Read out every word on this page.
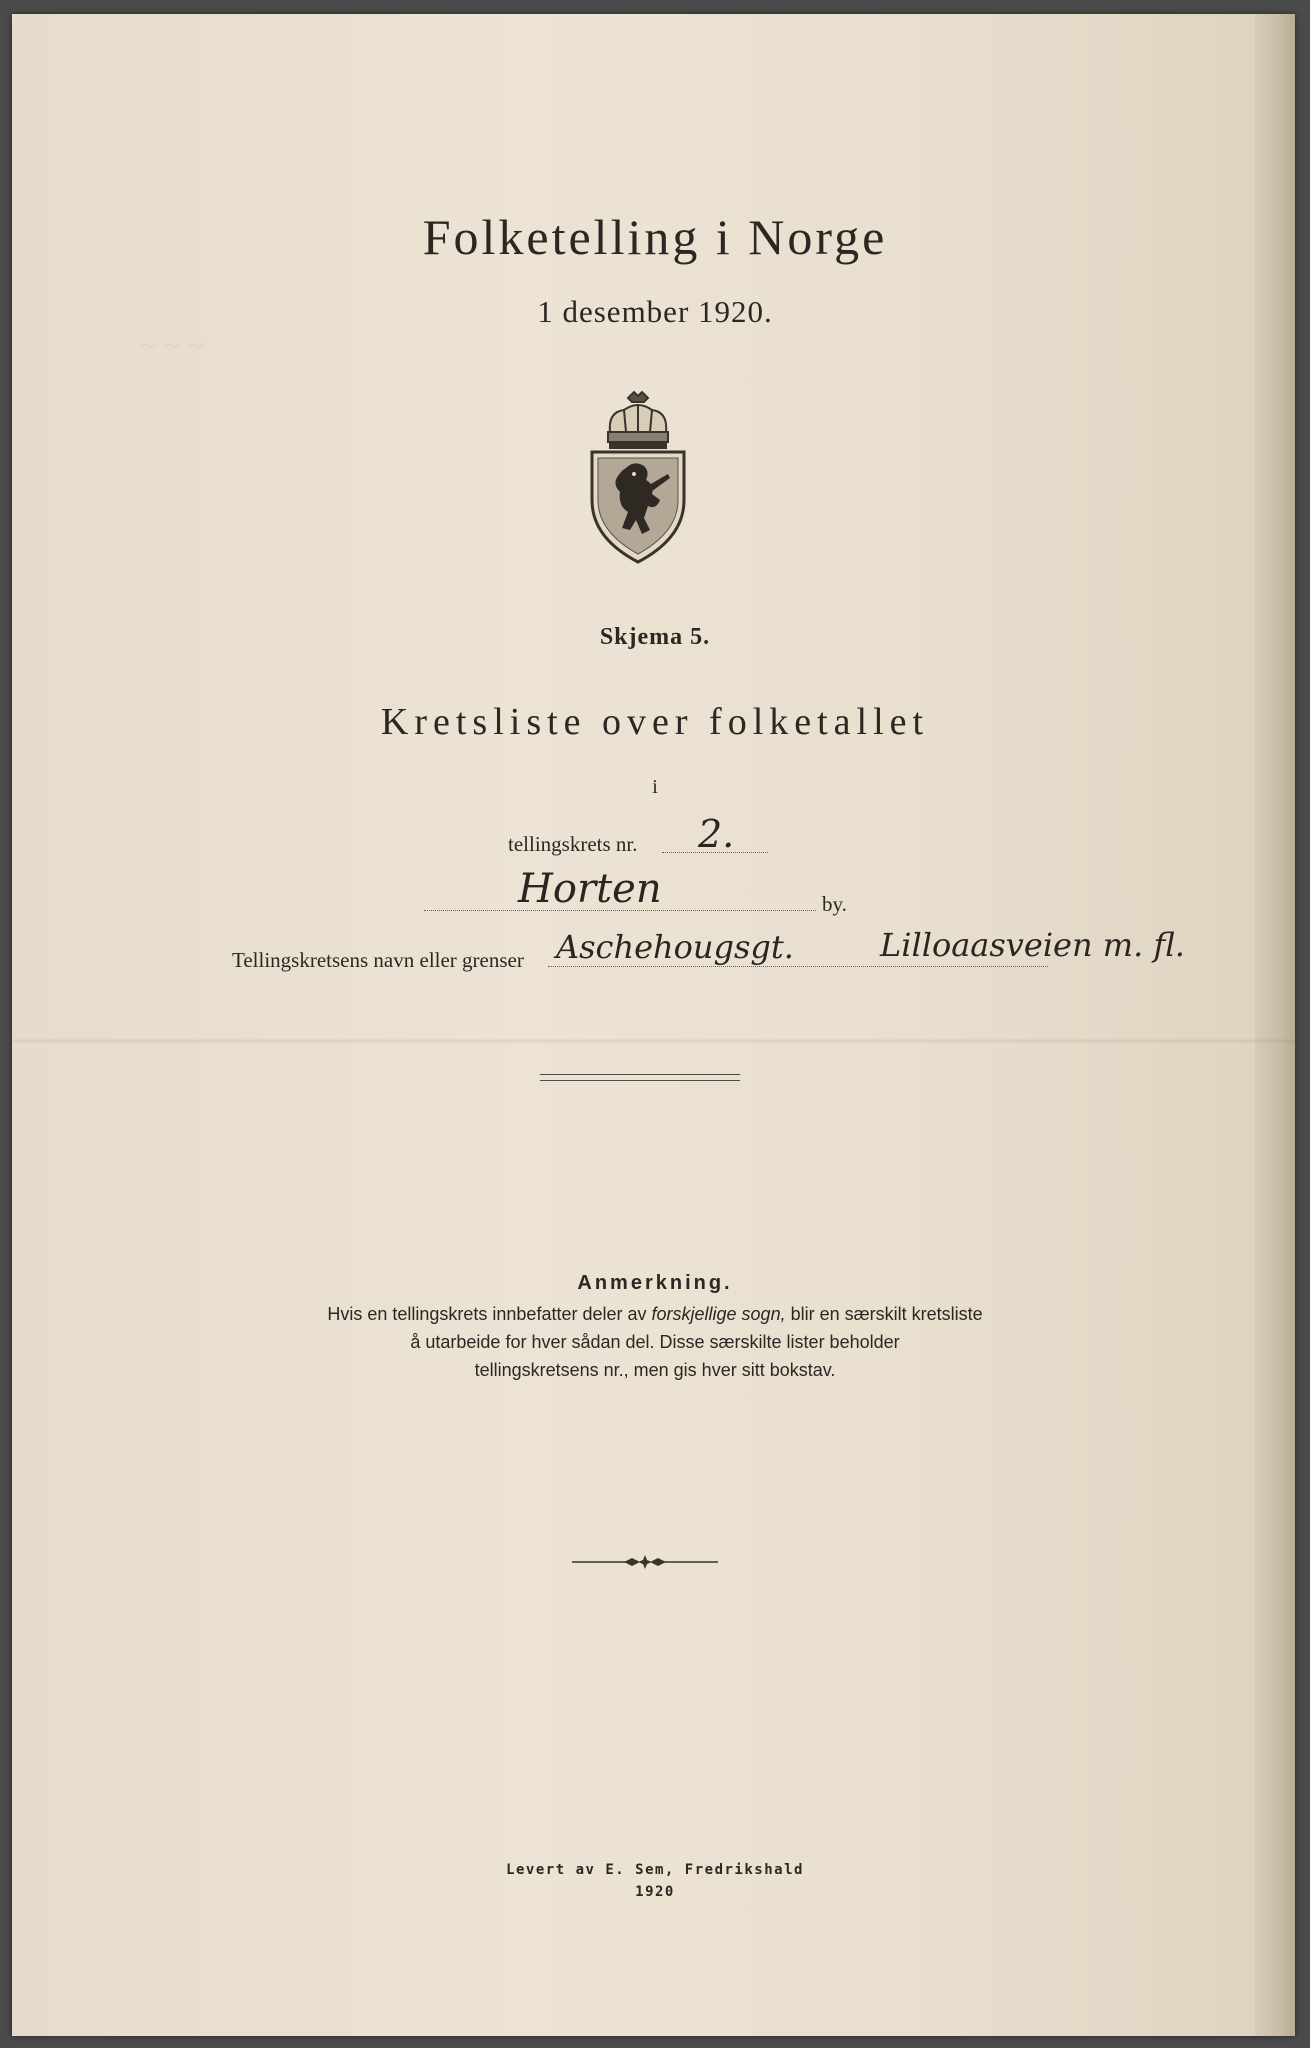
~ ~ ~
Folketelling i Norge
1 desember 1920.
Skjema 5.
Kretsliste over folketallet
i
tellingskrets nr. 2.
Horten	by.
Tellingskretsens navn eller grenser Aschehougsgt.	Lilloaasveien m. fl.
Anmerkning.
Hvis en tellingskrets innbefatter deler av forskjellige sogn, blir en særskilt kretsliste
å utarbeide for hver sådan del. Disse særskilte lister beholder
tellingskretsens nr., men gis hver sitt bokstav.
Levert av E. Sem, Fredrikshald
1920
